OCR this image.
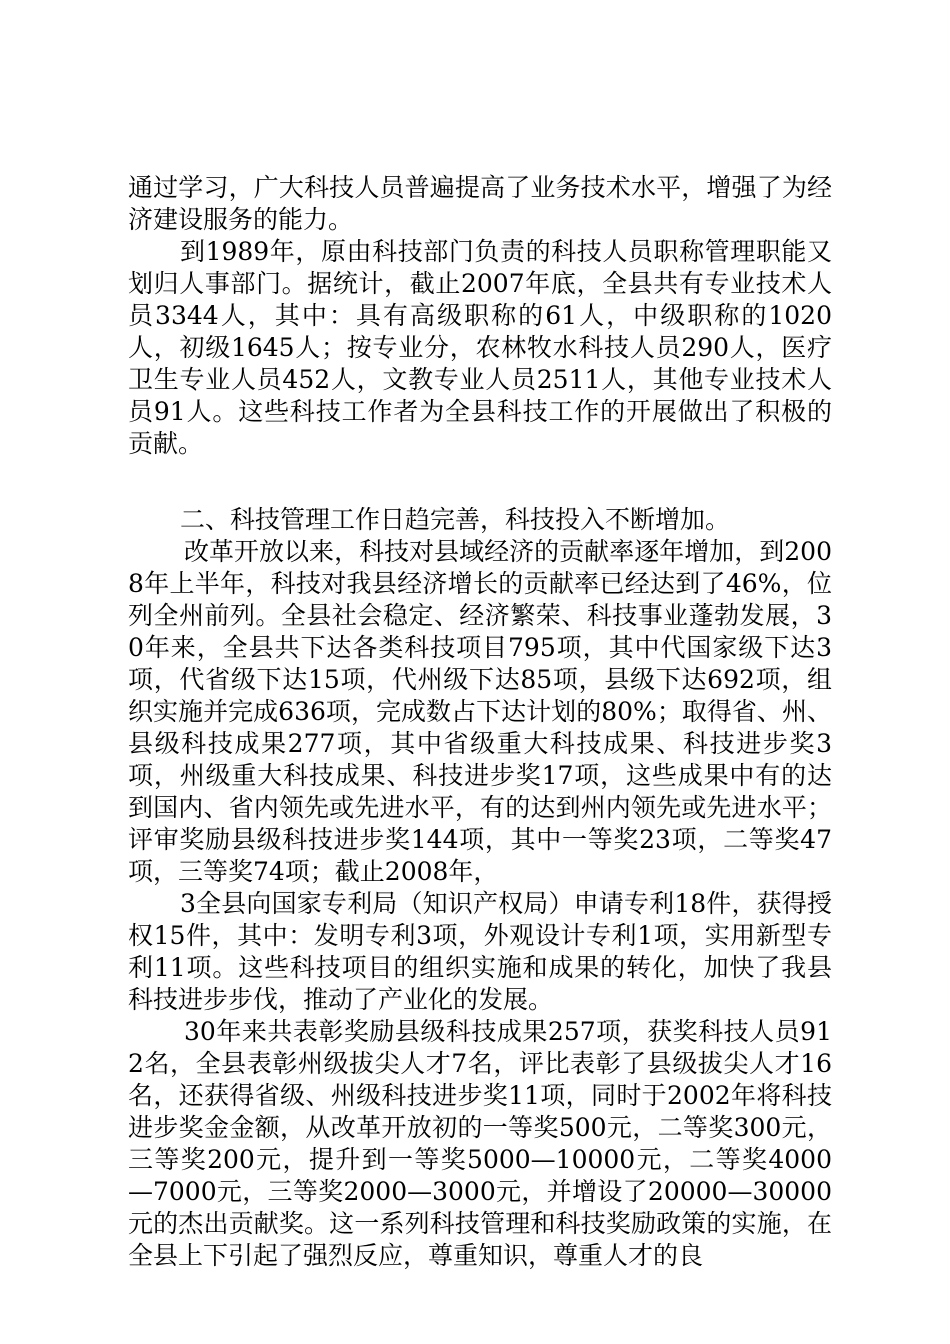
通过学习，广大科技人员普遍提高了业务技术水平，增强了为经济建设服务的能力。

到1989年，原由科技部门负责的科技人员职称管理职能又划归人事部门。据统计，截止2007年底，全县共有专业技术人员3344人，其中：具有高级职称的61人，中级职称的1020人，初级1645人；按专业分，农林牧水科技人员290人，医疗卫生专业人员452人，文教专业人员2511人，其他专业技术人员91人。这些科技工作者为全县科技工作的开展做出了积极的贡献。

二、科技管理工作日趋完善，科技投入不断增加。

改革开放以来，科技对县域经济的贡献率逐年增加，到2008年上半年，科技对我县经济增长的贡献率已经达到了46%，位列全州前列。全县社会稳定、经济繁荣、科技事业蓬勃发展，30年来，全县共下达各类科技项目795项，其中代国家级下达3项，代省级下达15项，代州级下达85项，县级下达692项，组织实施并完成636项，完成数占下达计划的80%；取得省、州、县级科技成果277项，其中省级重大科技成果、科技进步奖3项，州级重大科技成果、科技进步奖17项，这些成果中有的达到国内、省内领先或先进水平，有的达到州内领先或先进水平；评审奖励县级科技进步奖144项，其中一等奖23项，二等奖47项，三等奖74项；截止2008年，

3全县向国家专利局（知识产权局）申请专利18件，获得授权15件，其中：发明专利3项，外观设计专利1项，实用新型专利11项。这些科技项目的组织实施和成果的转化，加快了我县科技进步步伐，推动了产业化的发展。

30年来共表彰奖励县级科技成果257项，获奖科技人员912名，全县表彰州级拔尖人才7名，评比表彰了县级拔尖人才16名，还获得省级、州级科技进步奖11项，同时于2002年将科技进步奖金金额，从改革开放初的一等奖500元，二等奖300元，三等奖200元，提升到一等奖5000—10000元，二等奖4000—7000元，三等奖2000—3000元，并增设了20000—30000元的杰出贡献奖。这一系列科技管理和科技奖励政策的实施，在全县上下引起了强烈反应，尊重知识，尊重人才的良
